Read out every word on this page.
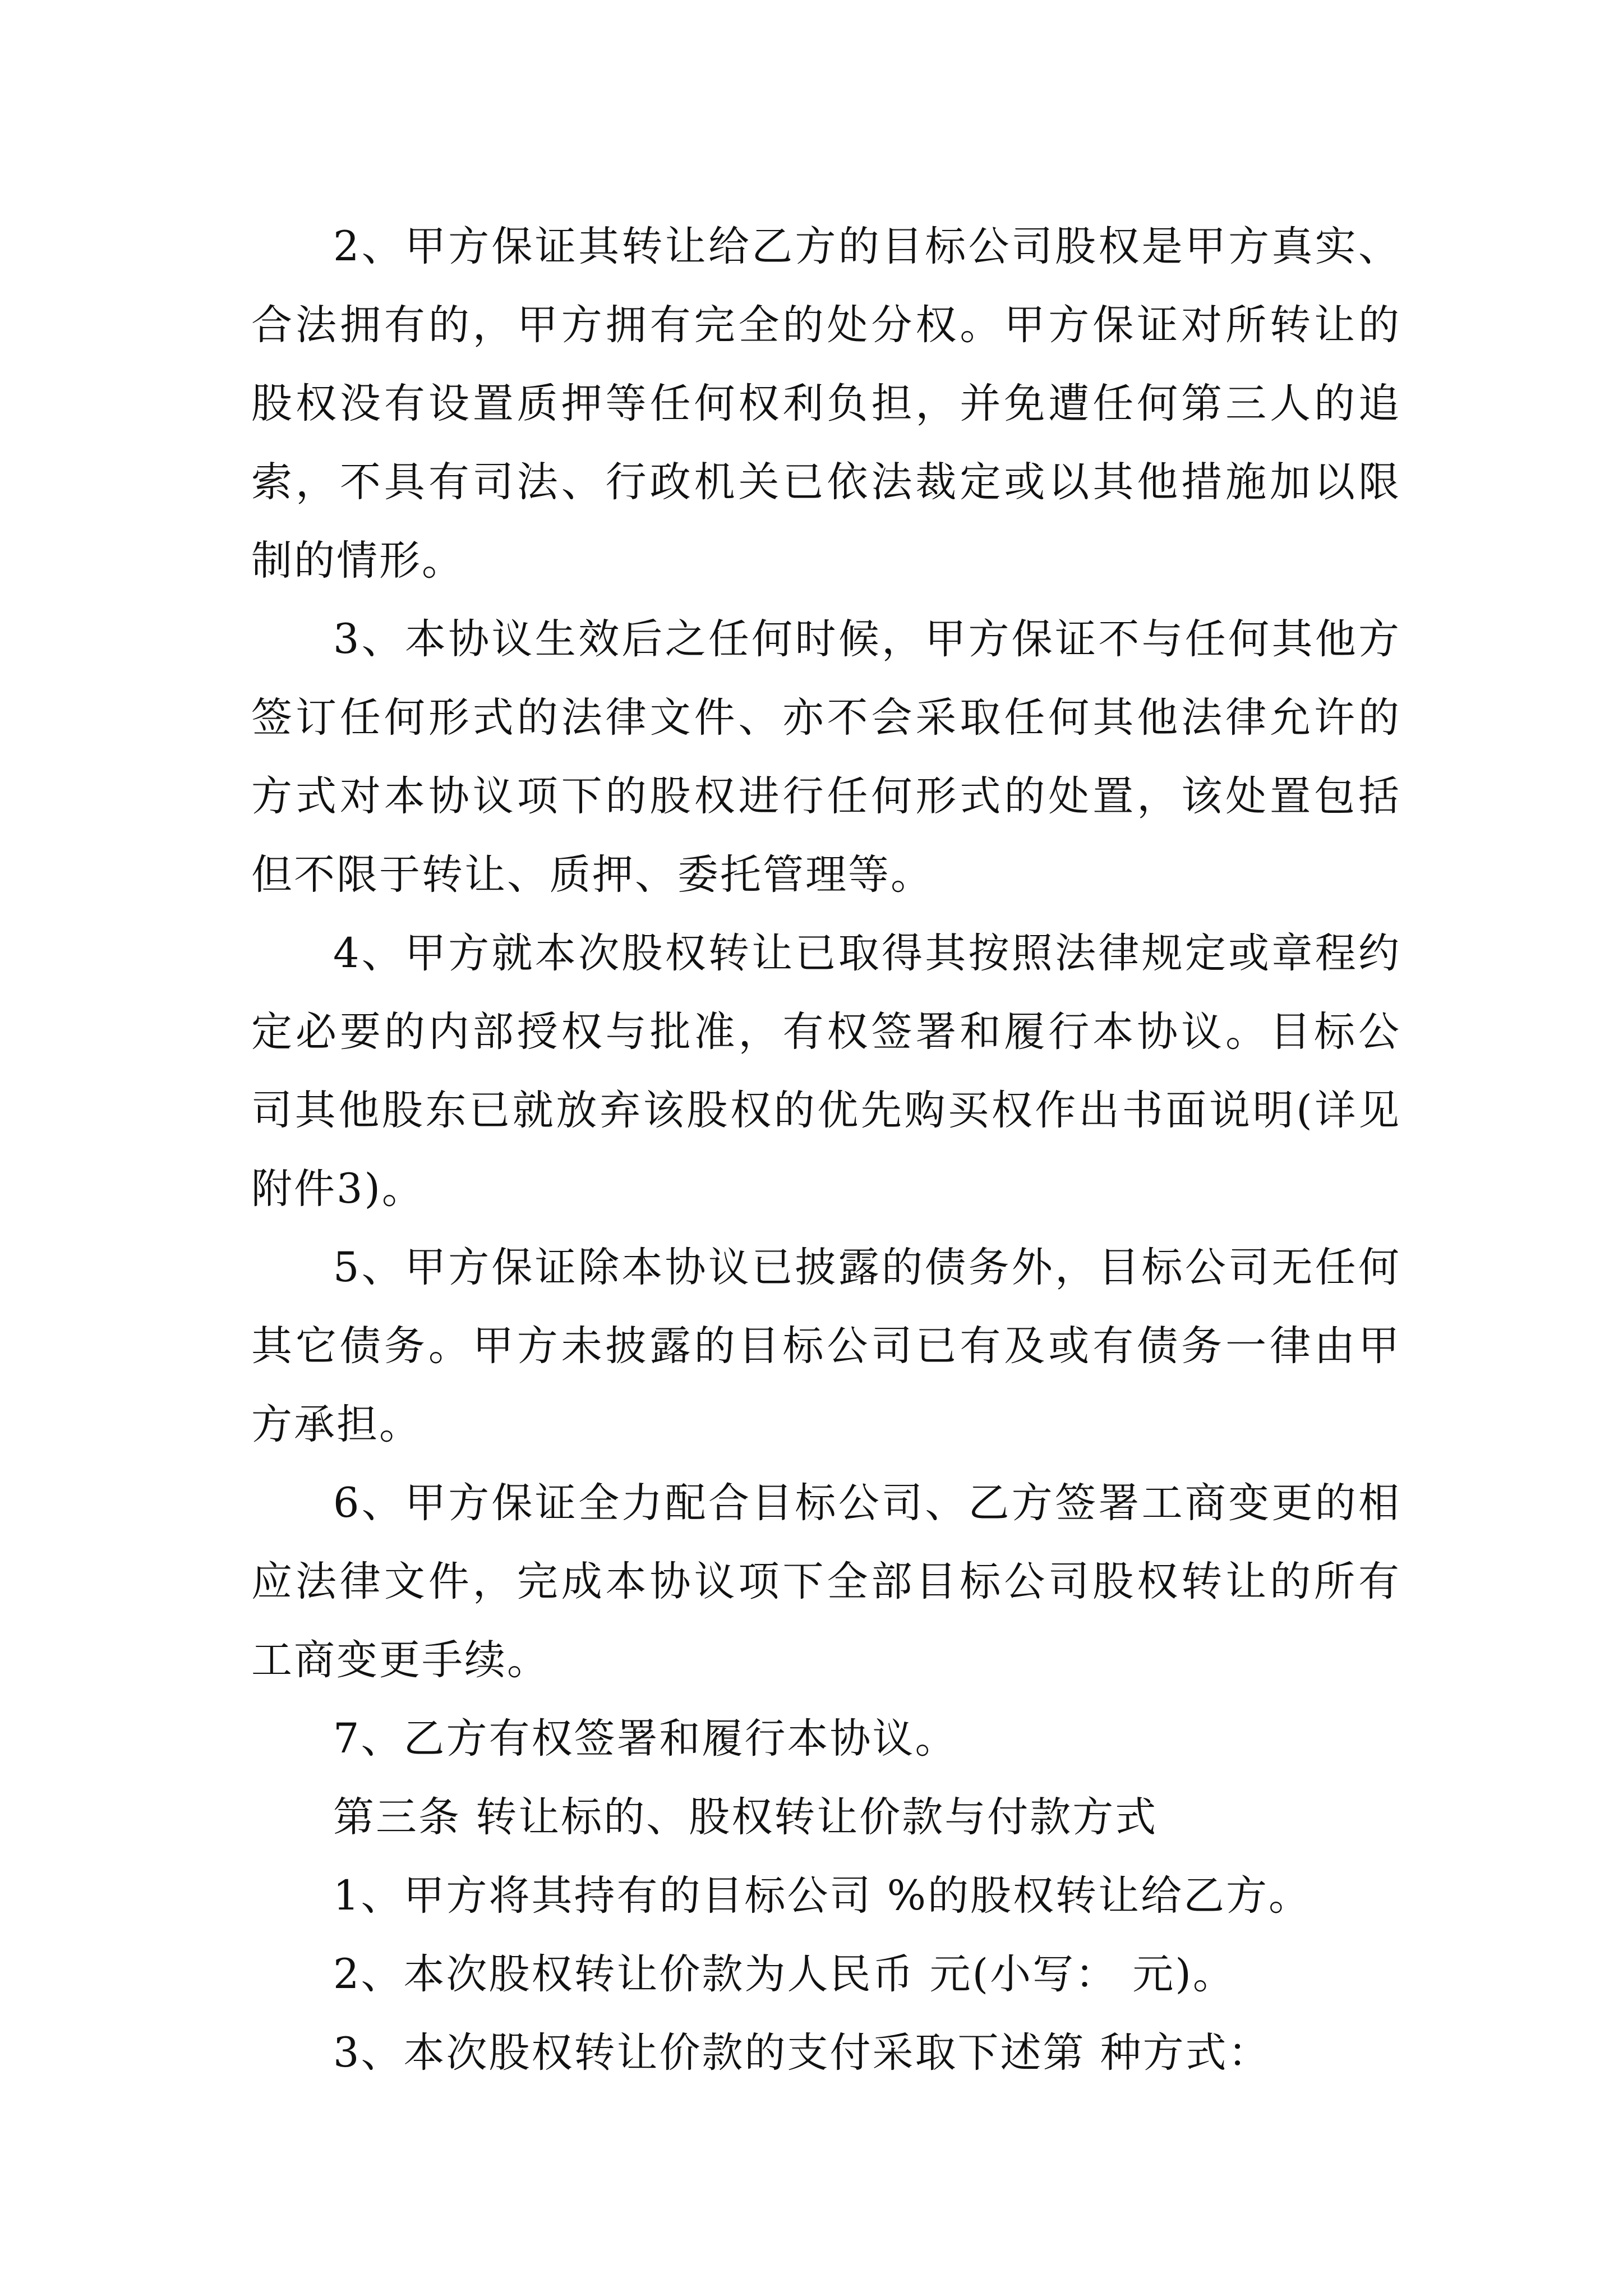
2、甲方保证其转让给乙方的目标公司股权是甲方真实、合法拥有的，甲方拥有完全的处分权。甲方保证对所转让的股权没有设置质押等任何权利负担，并免遭任何第三人的追索，不具有司法、行政机关已依法裁定或以其他措施加以限制的情形。

3、本协议生效后之任何时候，甲方保证不与任何其他方签订任何形式的法律文件、亦不会采取任何其他法律允许的方式对本协议项下的股权进行任何形式的处置，该处置包括但不限于转让、质押、委托管理等。

4、甲方就本次股权转让已取得其按照法律规定或章程约定必要的内部授权与批准，有权签署和履行本协议。目标公司其他股东已就放弃该股权的优先购买权作出书面说明(详见附件3)。

5、甲方保证除本协议已披露的债务外，目标公司无任何其它债务。甲方未披露的目标公司已有及或有债务一律由甲方承担。

6、甲方保证全力配合目标公司、乙方签署工商变更的相应法律文件，完成本协议项下全部目标公司股权转让的所有工商变更手续。

7、乙方有权签署和履行本协议。

第三条 转让标的、股权转让价款与付款方式

1、甲方将其持有的目标公司 %的股权转让给乙方。

2、本次股权转让价款为人民币 元(小写： 元)。

3、本次股权转让价款的支付采取下述第 种方式：
